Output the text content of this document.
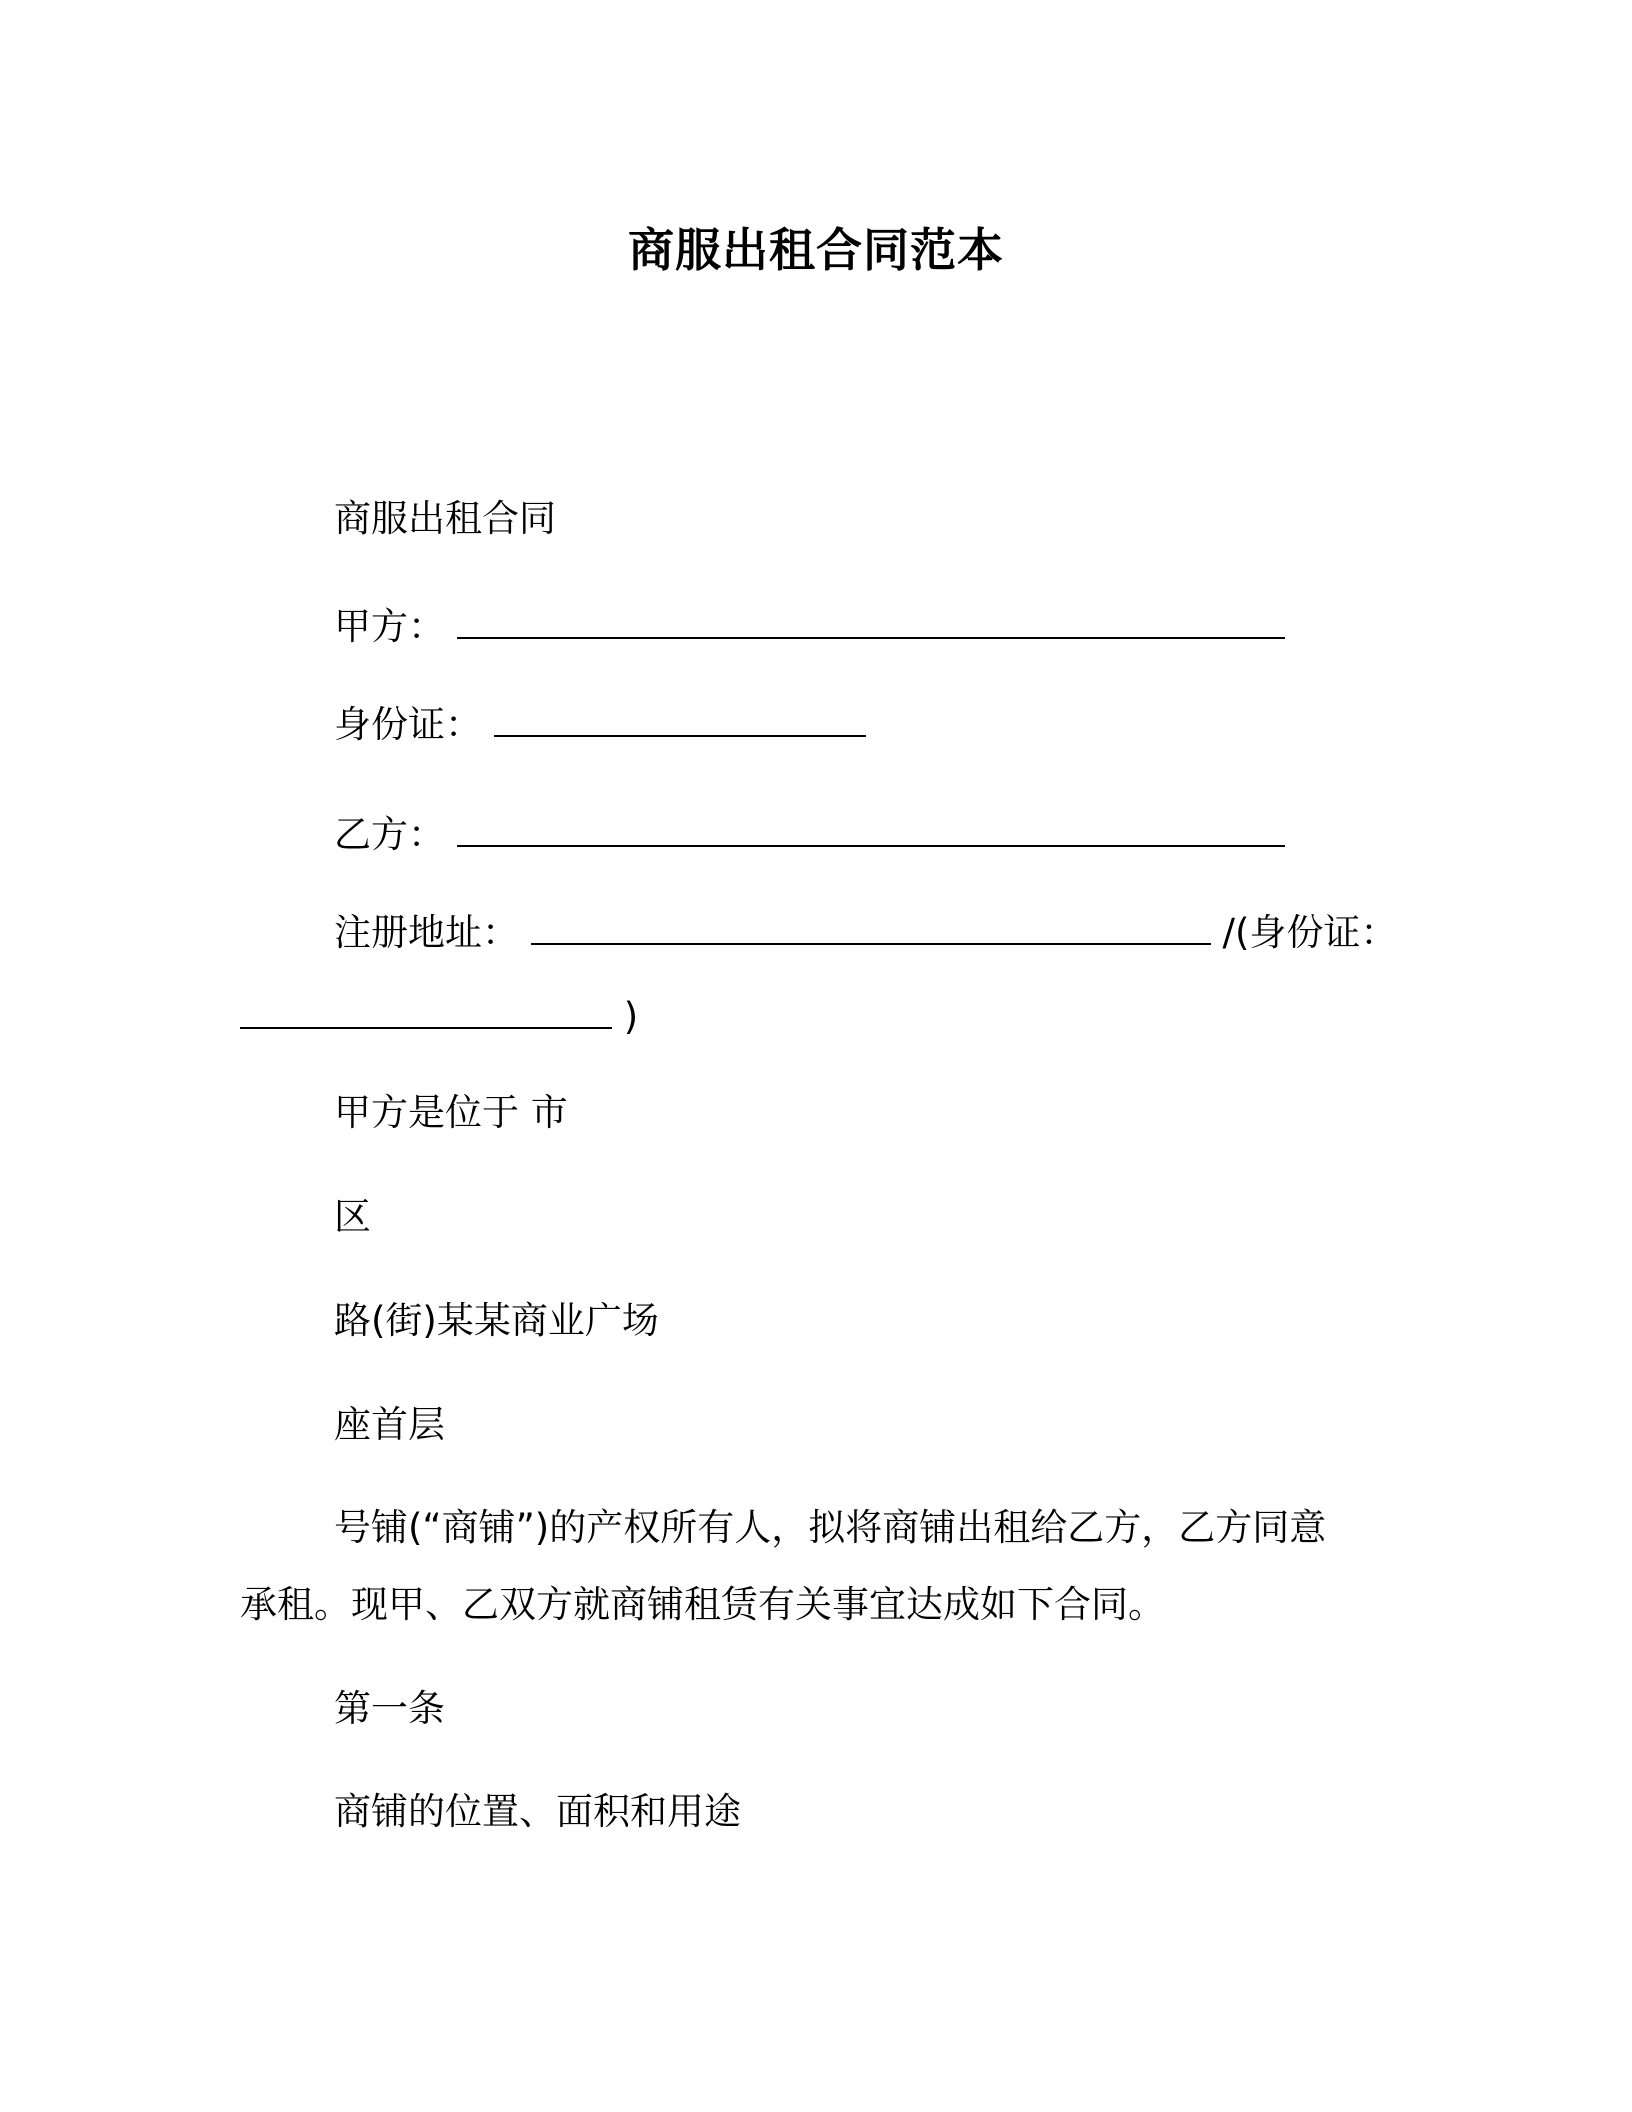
商服出租合同范本
商服出租合同
甲方：
身份证：
乙方：
注册地址：	/(身份证：
)
甲方是位于 市
区
路(街)某某商业广场
座首层
号铺(“商铺”)的产权所有人，拟将商铺出租给乙方，乙方同意
承租。现甲、乙双方就商铺租赁有关事宜达成如下合同。
第一条
商铺的位置、面积和用途
